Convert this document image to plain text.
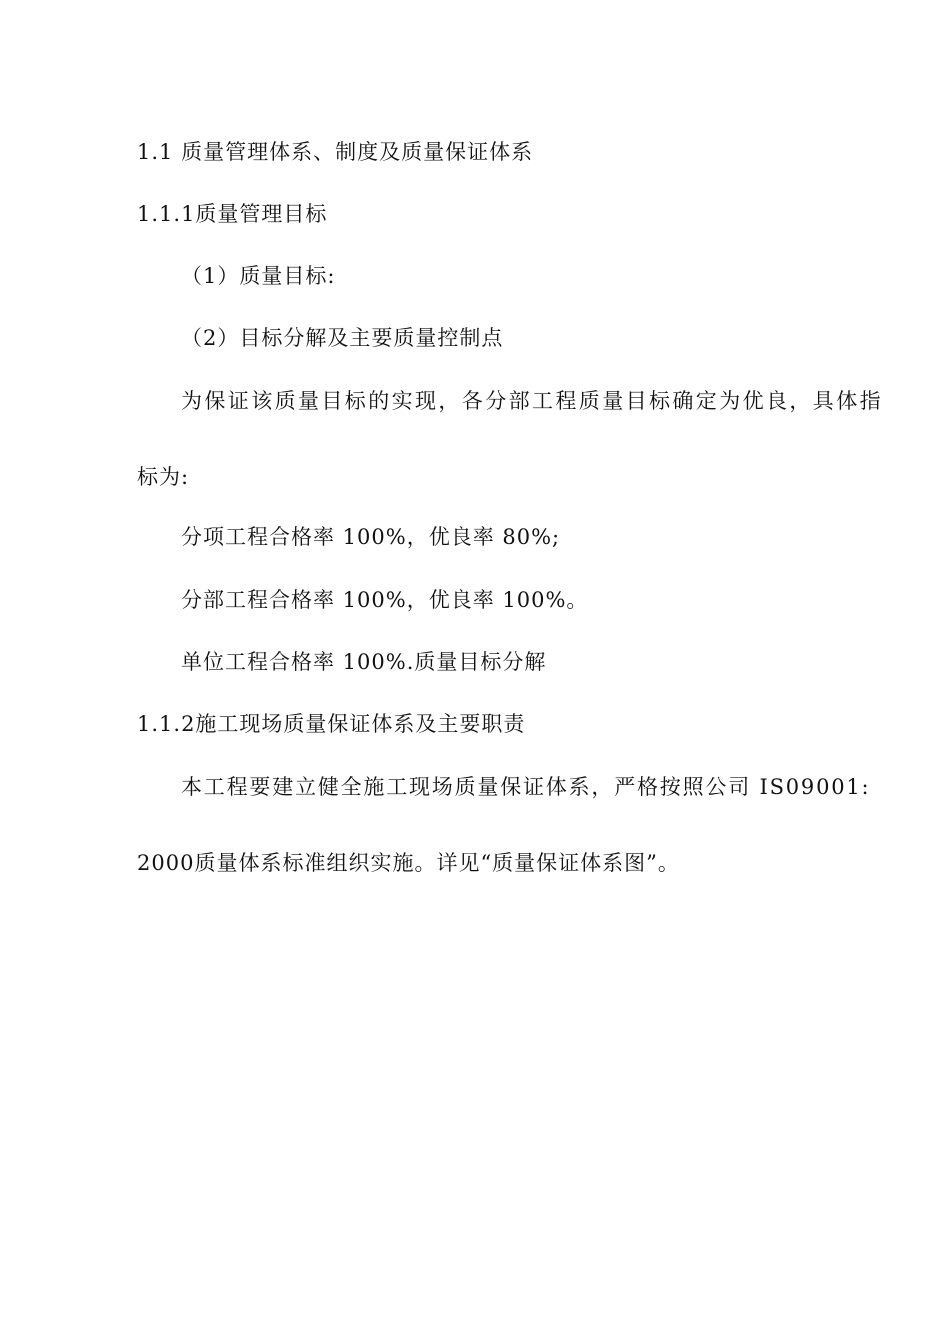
1.1 质量管理体系、制度及质量保证体系
1.1.1质量管理目标
（1）质量目标:
（2）目标分解及主要质量控制点
为保证该质量目标的实现，各分部工程质量目标确定为优良，具体指
标为:
分项工程合格率 100%，优良率 80%;
分部工程合格率 100%，优良率 100%。
单位工程合格率 100%.质量目标分解
1.1.2施工现场质量保证体系及主要职责
本工程要建立健全施工现场质量保证体系，严格按照公司 IS09001:
2000质量体系标准组织实施。详见“质量保证体系图”。
